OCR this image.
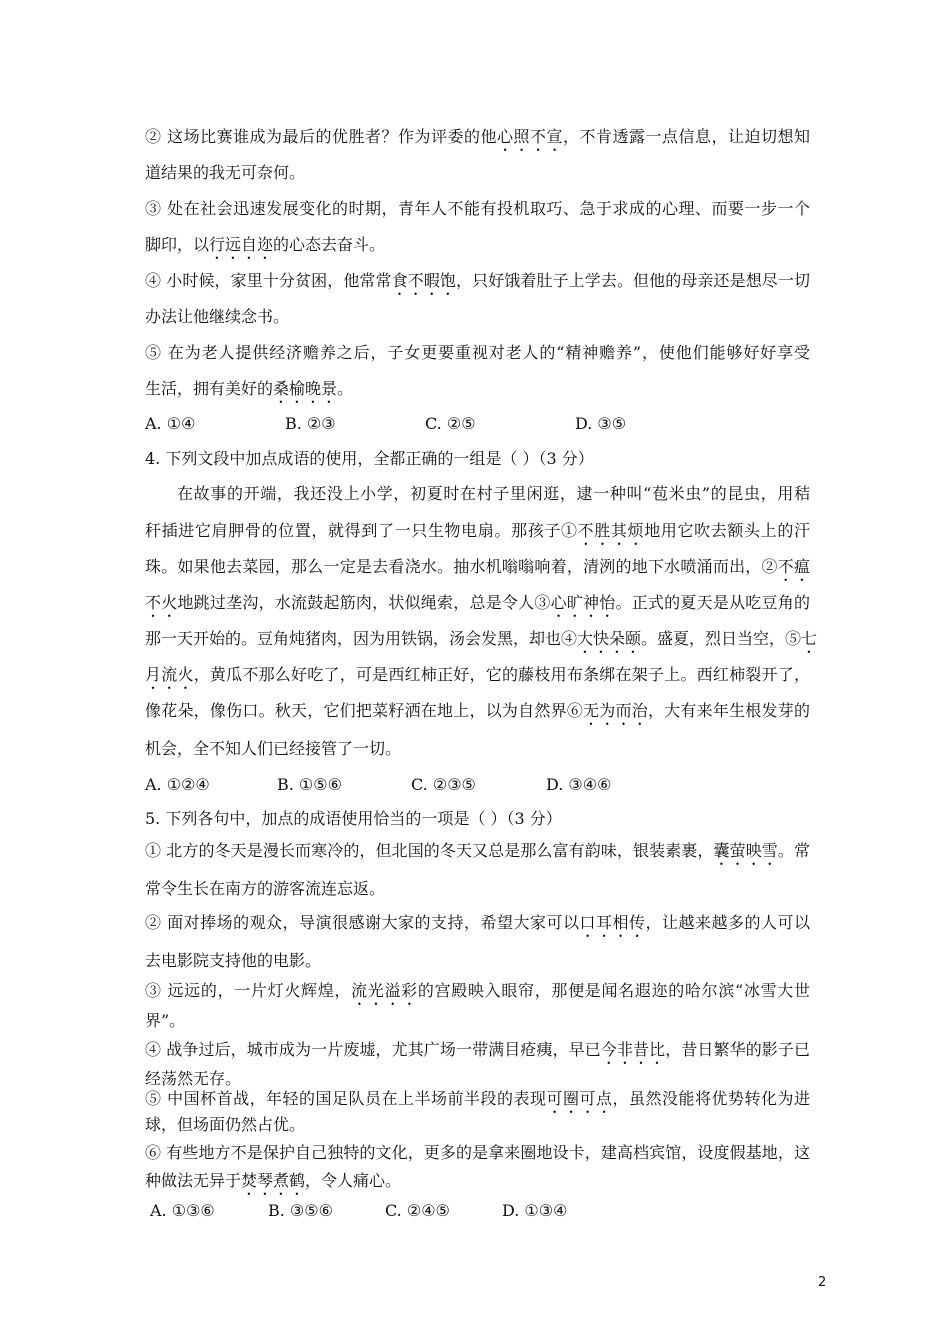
② 这场比赛谁成为最后的优胜者？作为评委的他心照不宣，不肯透露一点信息，让迫切想知
道结果的我无可奈何。
③ 处在社会迅速发展变化的时期，青年人不能有投机取巧、急于求成的心理、而要一步一个
脚印，以行远自迩的心态去奋斗。
④ 小时候，家里十分贫困，他常常食不暇饱，只好饿着肚子上学去。但他的母亲还是想尽一切
办法让他继续念书。
⑤ 在为老人提供经济赡养之后，子女更要重视对老人的“精神赡养”，使他们能够好好享受
生活，拥有美好的桑榆晚景。
A. ①④	B. ②③	C. ②⑤	D. ③⑤
4. 下列文段中加点成语的使用，全都正确的一组是（ ）（3 分）
在故事的开端，我还没上小学，初夏时在村子里闲逛，逮一种叫“苞米虫”的昆虫，用秸
秆插进它肩胛骨的位置，就得到了一只生物电扇。那孩子①不胜其烦地用它吹去额头上的汗
珠。如果他去菜园，那么一定是去看浇水。抽水机嗡嗡响着，清洌的地下水喷涌而出，②不瘟
不火地跳过垄沟，水流鼓起筋肉，状似绳索，总是令人③心旷神怡。正式的夏天是从吃豆角的
那一天开始的。豆角炖猪肉，因为用铁锅，汤会发黑，却也④大快朵颐。盛夏，烈日当空，⑤七
月流火，黄瓜不那么好吃了，可是西红柿正好，它的藤枝用布条绑在架子上。西红柿裂开了，
像花朵，像伤口。秋天，它们把菜籽洒在地上，以为自然界⑥无为而治，大有来年生根发芽的
机会，全不知人们已经接管了一切。
A. ①②④	B. ①⑤⑥	C. ②③⑤	D. ③④⑥
5. 下列各句中，加点的成语使用恰当的一项是（ ）（3 分）
① 北方的冬天是漫长而寒冷的，但北国的冬天又总是那么富有韵味，银装素裹，囊萤映雪。常
常令生长在南方的游客流连忘返。
② 面对捧场的观众，导演很感谢大家的支持，希望大家可以口耳相传，让越来越多的人可以
去电影院支持他的电影。
③ 远远的，一片灯火辉煌，流光溢彩的宫殿映入眼帘，那便是闻名遐迩的哈尔滨“冰雪大世
界”。
④ 战争过后，城市成为一片废墟，尤其广场一带满目疮痍，早已今非昔比，昔日繁华的影子已
经荡然无存。
⑤ 中国杯首战，年轻的国足队员在上半场前半段的表现可圈可点，虽然没能将优势转化为进
球，但场面仍然占优。
⑥ 有些地方不是保护自己独特的文化，更多的是拿来圈地设卡，建高档宾馆，设度假基地，这
种做法无异于焚琴煮鹤，令人痛心。
A. ①③⑥	B. ③⑤⑥	C. ②④⑤	D. ①③④
2
